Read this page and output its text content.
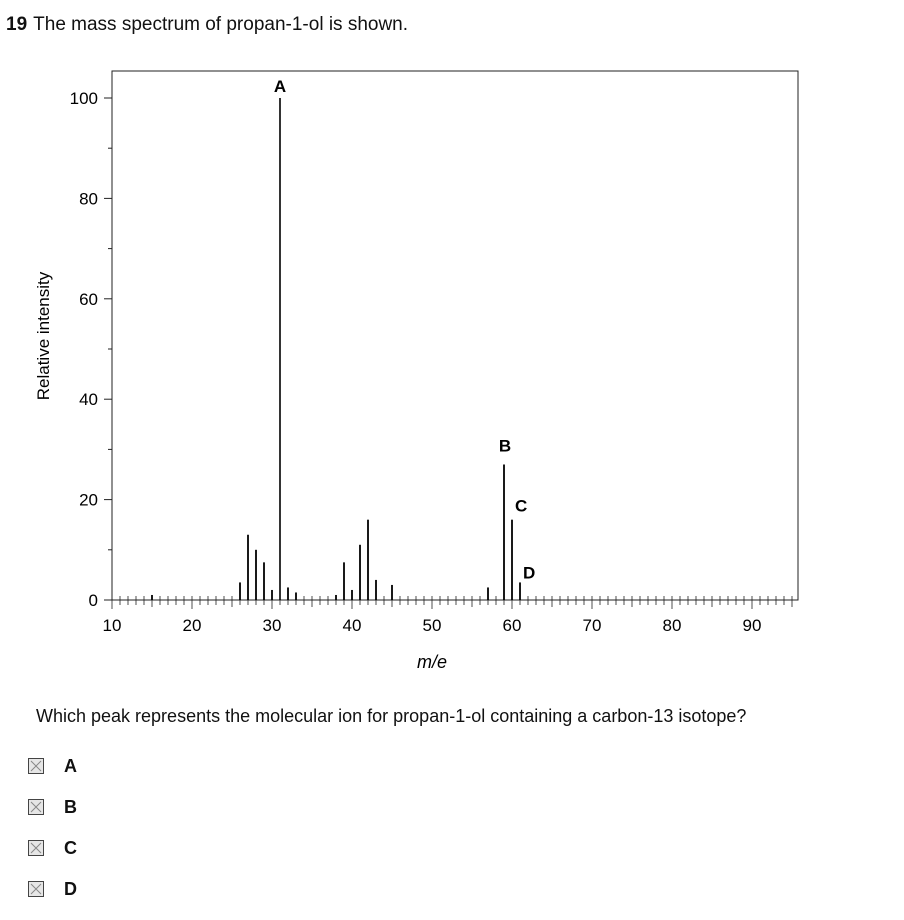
19 The mass spectrum of propan-1-ol is shown.
0
20
40
60
80
100
10	20	30	40	50	60	70	80	90
A
B
C
D
Relative intensity
m/e
Which peak represents the molecular ion for propan-1-ol containing a carbon-13 isotope?
A
B
C
D
